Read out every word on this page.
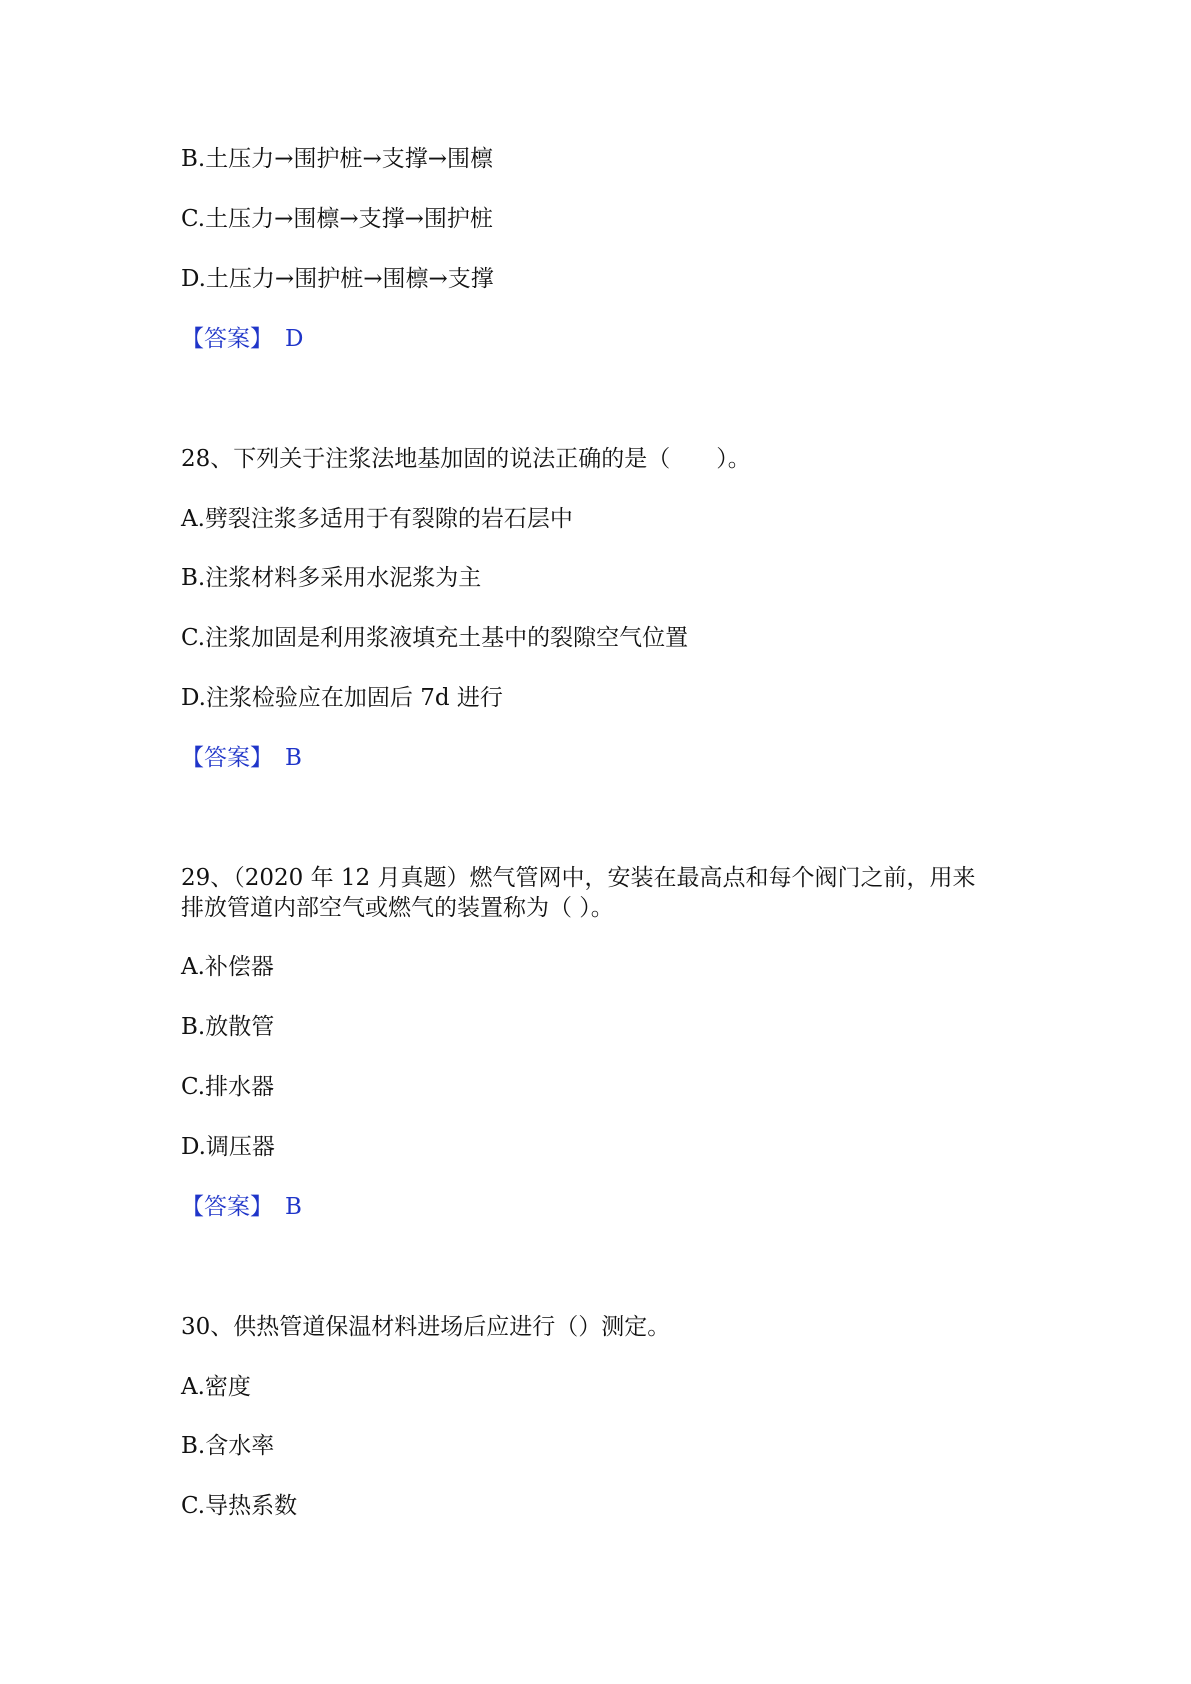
B.土压力→围护桩→支撑→围檩
C.土压力→围檩→支撑→围护桩
D.土压力→围护桩→围檩→支撑
【答案】 D
28、下列关于注浆法地基加固的说法正确的是（　　）。
A.劈裂注浆多适用于有裂隙的岩石层中
B.注浆材料多采用水泥浆为主
C.注浆加固是利用浆液填充土基中的裂隙空气位置
D.注浆检验应在加固后 7d 进行
【答案】 B
29、（2020 年 12 月真题）燃气管网中，安装在最高点和每个阀门之前，用来
排放管道内部空气或燃气的装置称为（ ）。
A.补偿器
B.放散管
C.排水器
D.调压器
【答案】 B
30、供热管道保温材料进场后应进行（）测定。
A.密度
B.含水率
C.导热系数
